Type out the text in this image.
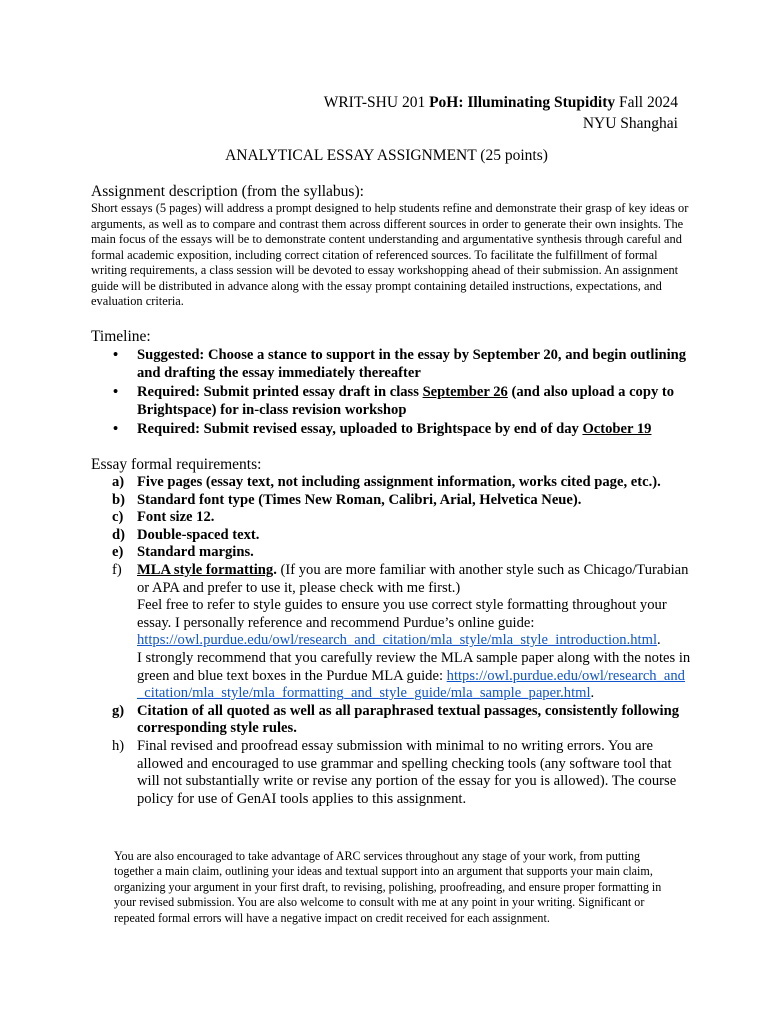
WRIT-SHU 201 PoH: Illuminating Stupidity Fall 2024
NYU Shanghai
ANALYTICAL ESSAY ASSIGNMENT (25 points)
Assignment description (from the syllabus):
Short essays (5 pages) will address a prompt designed to help students refine and demonstrate their grasp of key ideas or arguments, as well as to compare and contrast them across different sources in order to generate their own insights. The main focus of the essays will be to demonstrate content understanding and argumentative synthesis through careful and formal academic exposition, including correct citation of referenced sources. To facilitate the fulfillment of formal writing requirements, a class session will be devoted to essay workshopping ahead of their submission. An assignment guide will be distributed in advance along with the essay prompt containing detailed instructions, expectations, and evaluation criteria.
Timeline:
• Suggested: Choose a stance to support in the essay by September 20, and begin outlining and drafting the essay immediately thereafter
• Required: Submit printed essay draft in class September 26 (and also upload a copy to Brightspace) for in-class revision workshop
• Required: Submit revised essay, uploaded to Brightspace by end of day October 19
Essay formal requirements:
a) Five pages (essay text, not including assignment information, works cited page, etc.).
b) Standard font type (Times New Roman, Calibri, Arial, Helvetica Neue).
c) Font size 12.
d) Double-spaced text.
e) Standard margins.
f) MLA style formatting. (If you are more familiar with another style such as Chicago/Turabian or APA and prefer to use it, please check with me first.)
Feel free to refer to style guides to ensure you use correct style formatting throughout your essay. I personally reference and recommend Purdue’s online guide: https://owl.purdue.edu/owl/research_and_citation/mla_style/mla_style_introduction.html.
I strongly recommend that you carefully review the MLA sample paper along with the notes in green and blue text boxes in the Purdue MLA guide: https://owl.purdue.edu/owl/research_and_citation/mla_style/mla_formatting_and_style_guide/mla_sample_paper.html.
g) Citation of all quoted as well as all paraphrased textual passages, consistently following corresponding style rules.
h) Final revised and proofread essay submission with minimal to no writing errors. You are allowed and encouraged to use grammar and spelling checking tools (any software tool that will not substantially write or revise any portion of the essay for you is allowed). The course policy for use of GenAI tools applies to this assignment.
You are also encouraged to take advantage of ARC services throughout any stage of your work, from putting together a main claim, outlining your ideas and textual support into an argument that supports your main claim, organizing your argument in your first draft, to revising, polishing, proofreading, and ensure proper formatting in your revised submission. You are also welcome to consult with me at any point in your writing. Significant or repeated formal errors will have a negative impact on credit received for each assignment.
